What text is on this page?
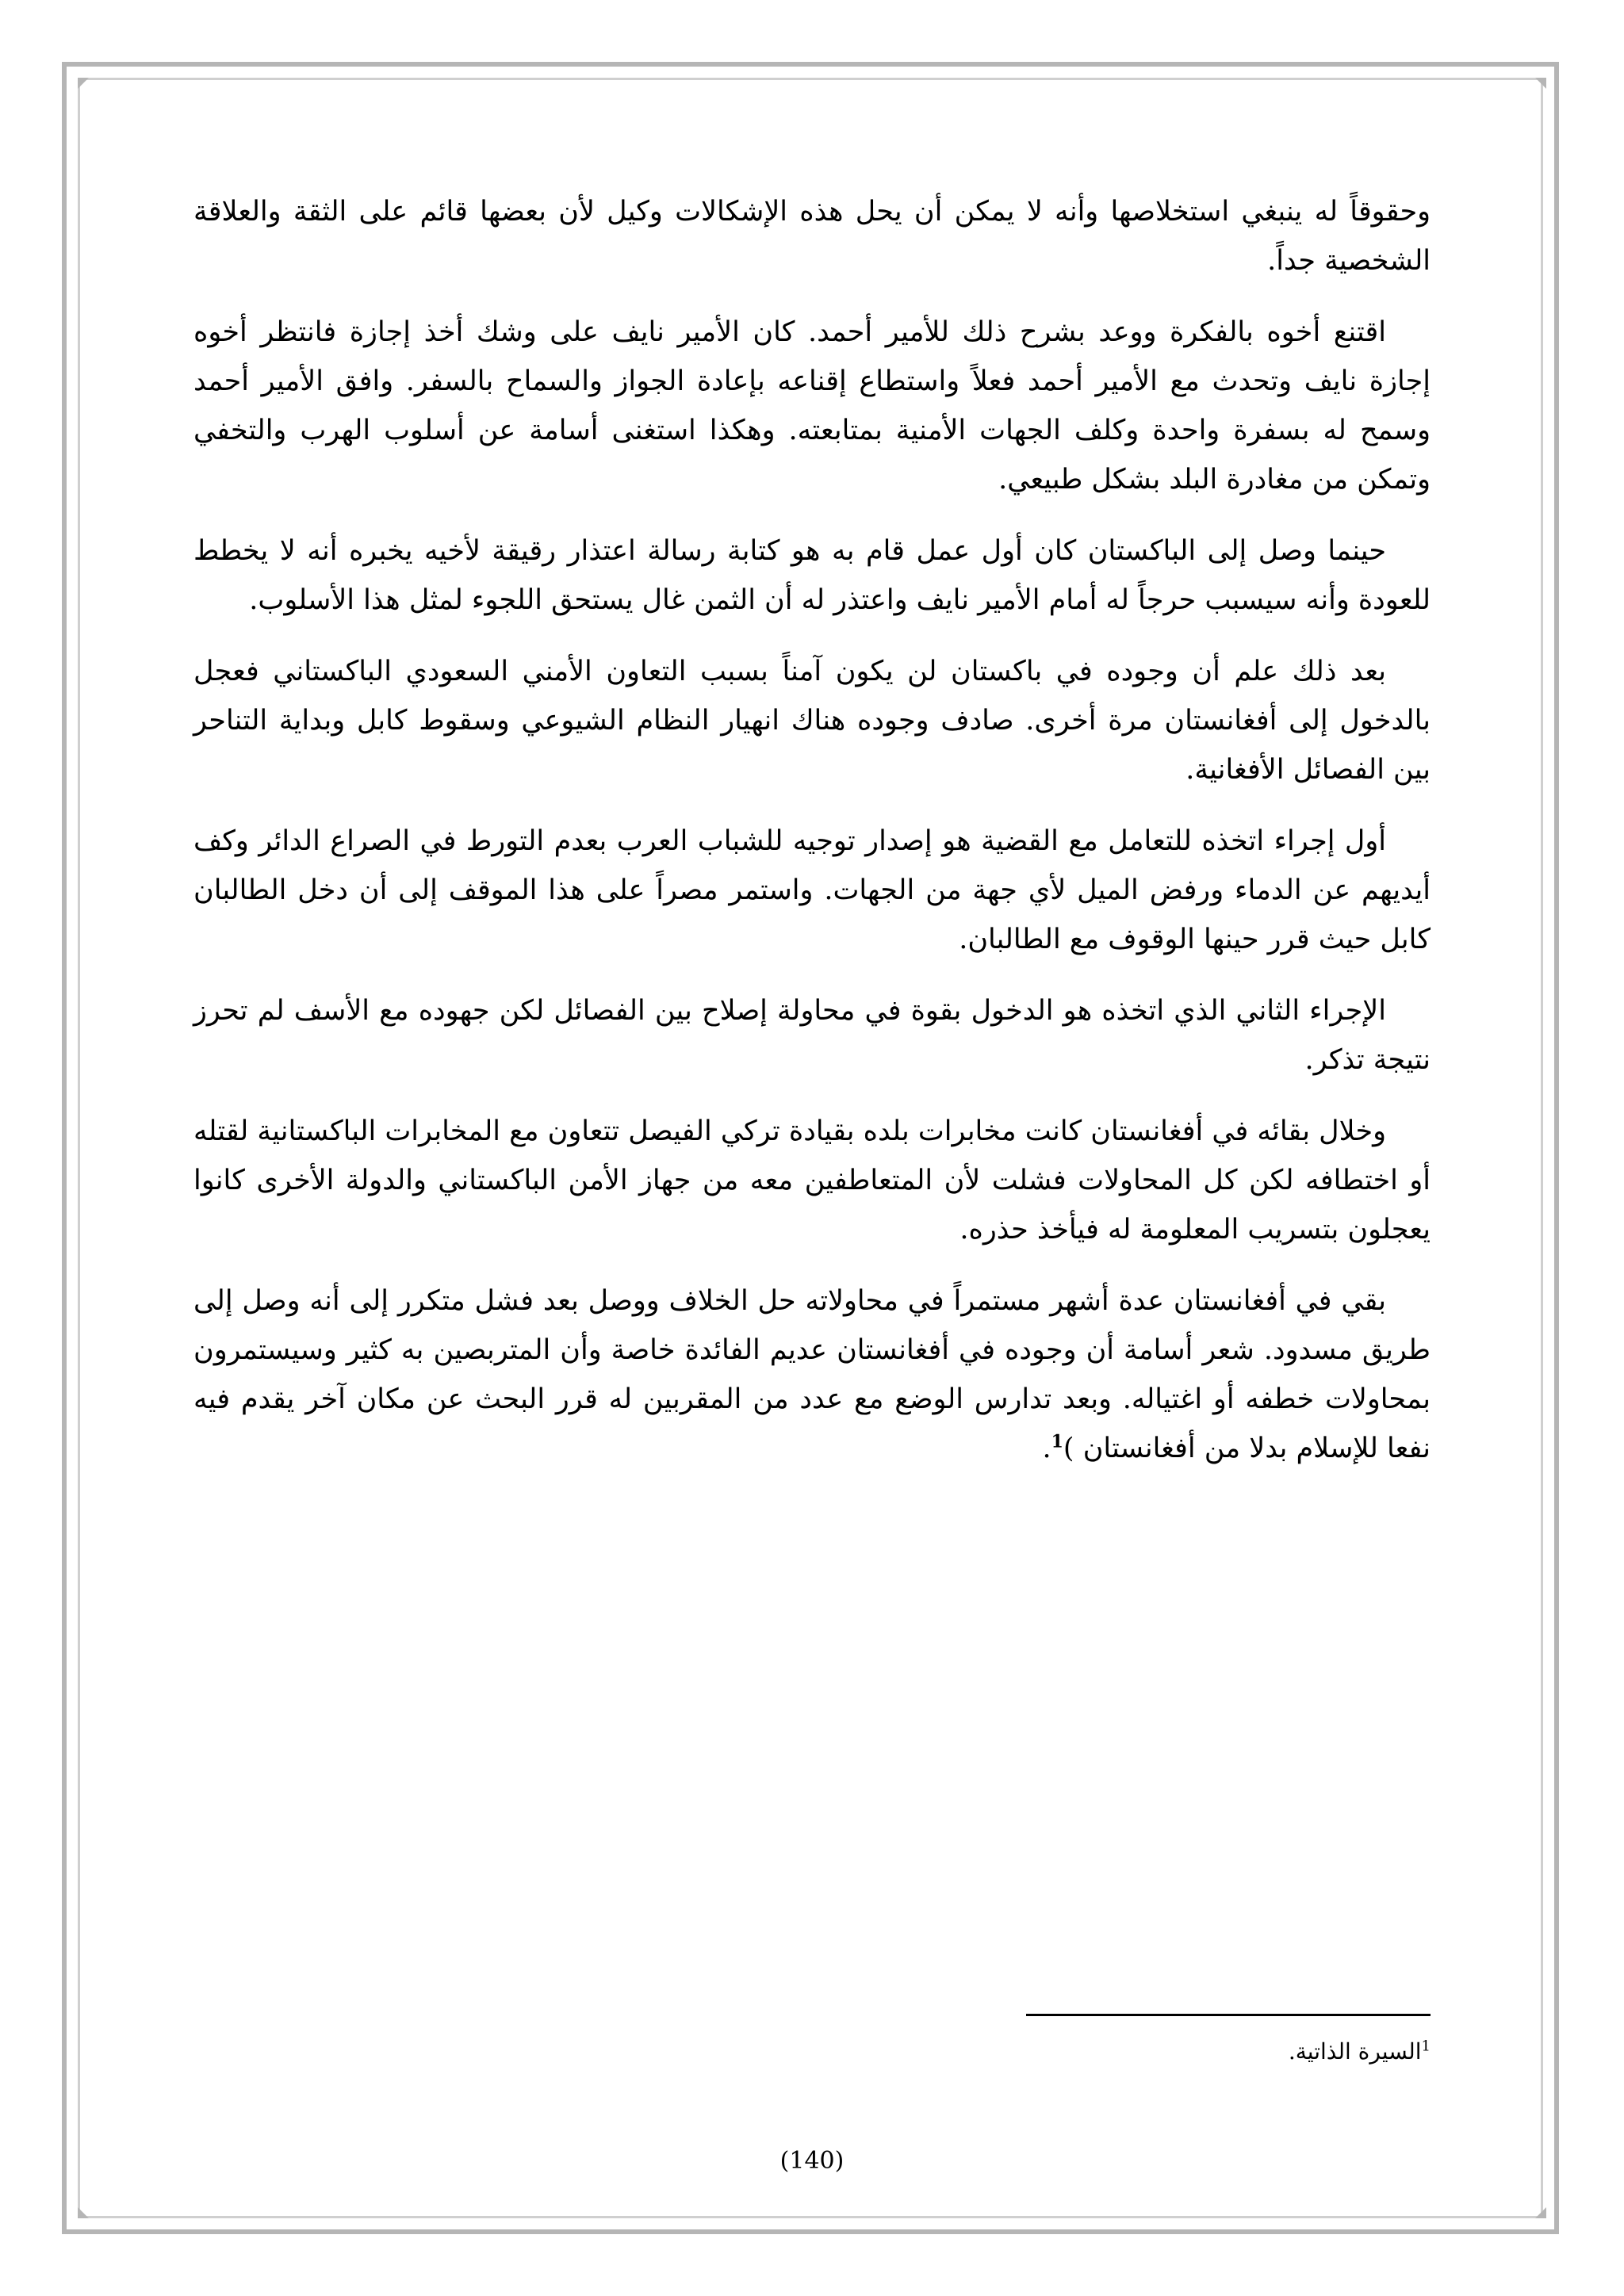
وحقوقاً له ينبغي استخلاصها وأنه لا يمكن أن يحل هذه الإشكالات وكيل لأن بعضها قائم على الثقة والعلاقة الشخصية جداً.

اقتنع أخوه بالفكرة ووعد بشرح ذلك للأمير أحمد. كان الأمير نايف على وشك أخذ إجازة فانتظر أخوه إجازة نايف وتحدث مع الأمير أحمد فعلاً واستطاع إقناعه بإعادة الجواز والسماح بالسفر. وافق الأمير أحمد وسمح له بسفرة واحدة وكلف الجهات الأمنية بمتابعته. وهكذا استغنى أسامة عن أسلوب الهرب والتخفي وتمكن من مغادرة البلد بشكل طبيعي.

حينما وصل إلى الباكستان كان أول عمل قام به هو كتابة رسالة اعتذار رقيقة لأخيه يخبره أنه لا يخطط للعودة وأنه سيسبب حرجاً له أمام الأمير نايف واعتذر له أن الثمن غال يستحق اللجوء لمثل هذا الأسلوب.

بعد ذلك علم أن وجوده في باكستان لن يكون آمناً بسبب التعاون الأمني السعودي الباكستاني فعجل بالدخول إلى أفغانستان مرة أخرى. صادف وجوده هناك انهيار النظام الشيوعي وسقوط كابل وبداية التناحر بين الفصائل الأفغانية.

أول إجراء اتخذه للتعامل مع القضية هو إصدار توجيه للشباب العرب بعدم التورط في الصراع الدائر وكف أيديهم عن الدماء ورفض الميل لأي جهة من الجهات. واستمر مصراً على هذا الموقف إلى أن دخل الطالبان كابل حيث قرر حينها الوقوف مع الطالبان.

الإجراء الثاني الذي اتخذه هو الدخول بقوة في محاولة إصلاح بين الفصائل لكن جهوده مع الأسف لم تحرز نتيجة تذكر.

وخلال بقائه في أفغانستان كانت مخابرات بلده بقيادة تركي الفيصل تتعاون مع المخابرات الباكستانية لقتله أو اختطافه لكن كل المحاولات فشلت لأن المتعاطفين معه من جهاز الأمن الباكستاني والدولة الأخرى كانوا يعجلون بتسريب المعلومة له فيأخذ حذره.

بقي في أفغانستان عدة أشهر مستمراً في محاولاته حل الخلاف ووصل بعد فشل متكرر إلى أنه وصل إلى طريق مسدود. شعر أسامة أن وجوده في أفغانستان عديم الفائدة خاصة وأن المتربصين به كثير وسيستمرون بمحاولات خطفه أو اغتياله. وبعد تدارس الوضع مع عدد من المقربين له قرر البحث عن مكان آخر يقدم فيه نفعا للإسلام بدلا من أفغانستان )$^1$.

$^1$السيرة الذاتية.
(140)
